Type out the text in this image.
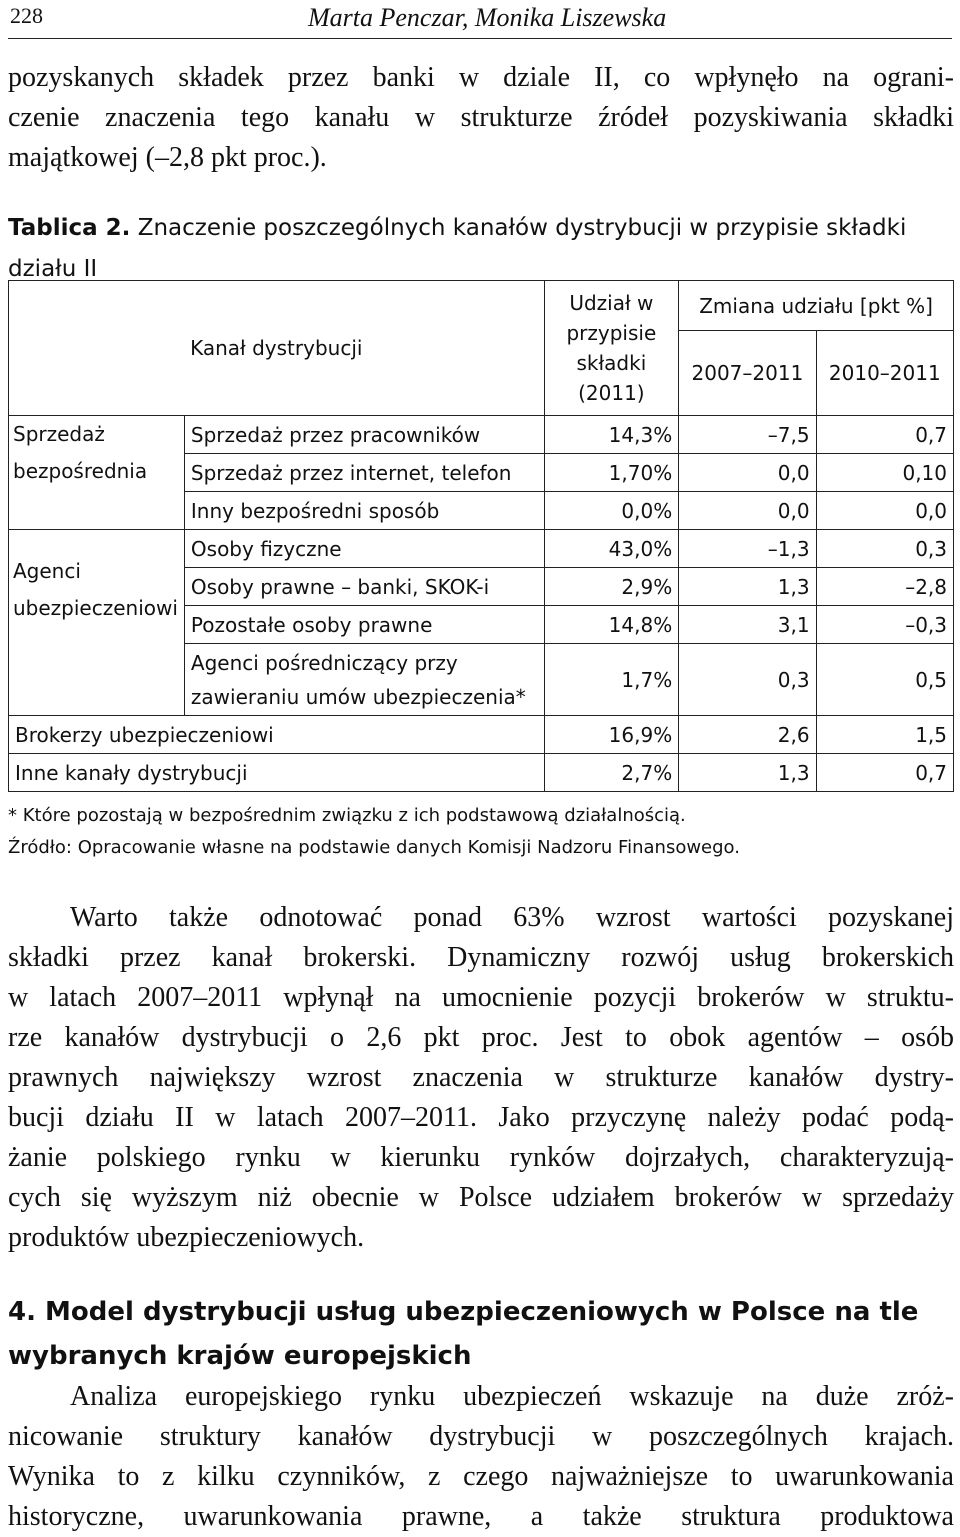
228	Marta Penczar, Monika Liszewska
pozyskanych składek przez banki w dziale II, co wpłynęło na ograni-
czenie znaczenia tego kanału w strukturze źródeł pozyskiwania składki
majątkowej (–2,8 pkt proc.).

Tablica 2. Znaczenie poszczególnych kanałów dystrybucji w przypisie składki działu II

Kanał dystrybucji		Udział w przypisie składki (2011)	Zmiana udziału [pkt %]	
			2007–2011	2010–2011
Sprzedaż bezpośrednia	Sprzedaż przez pracowników	14,3%	–7,5	0,7
	Sprzedaż przez internet, telefon	1,70%	0,0	0,10
	Inny bezpośredni sposób	0,0%	0,0	0,0
Agenci ubezpieczeniowi	Osoby fizyczne	43,0%	–1,3	0,3
	Osoby prawne – banki, SKOK-i	2,9%	1,3	–2,8
	Pozostałe osoby prawne	14,8%	3,1	–0,3
	Agenci pośredniczący przy zawieraniu umów ubezpieczenia*	1,7%	0,3	0,5
Brokerzy ubezpieczeniowi		16,9%	2,6	1,5
Inne kanały dystrybucji		2,7%	1,3	0,7
* Które pozostają w bezpośrednim związku z ich podstawową działalnością.
Źródło: Opracowanie własne na podstawie danych Komisji Nadzoru Finansowego.
Warto także odnotować ponad 63% wzrost wartości pozyskanej
składki przez kanał brokerski. Dynamiczny rozwój usług brokerskich
w latach 2007–2011 wpłynął na umocnienie pozycji brokerów w struktu-
rze kanałów dystrybucji o 2,6 pkt proc. Jest to obok agentów – osób
prawnych największy wzrost znaczenia w strukturze kanałów dystry-
bucji działu II w latach 2007–2011. Jako przyczynę należy podać podą-
żanie polskiego rynku w kierunku rynków dojrzałych, charakteryzują-
cych się wyższym niż obecnie w Polsce udziałem brokerów w sprzedaży
produktów ubezpieczeniowych.
4. Model dystrybucji usług ubezpieczeniowych w Polsce na tle wybranych krajów europejskich
Analiza europejskiego rynku ubezpieczeń wskazuje na duże zróż-
nicowanie struktury kanałów dystrybucji w poszczególnych krajach.
Wynika to z kilku czynników, z czego najważniejsze to uwarunkowania
historyczne, uwarunkowania prawne, a także struktura produktowa
